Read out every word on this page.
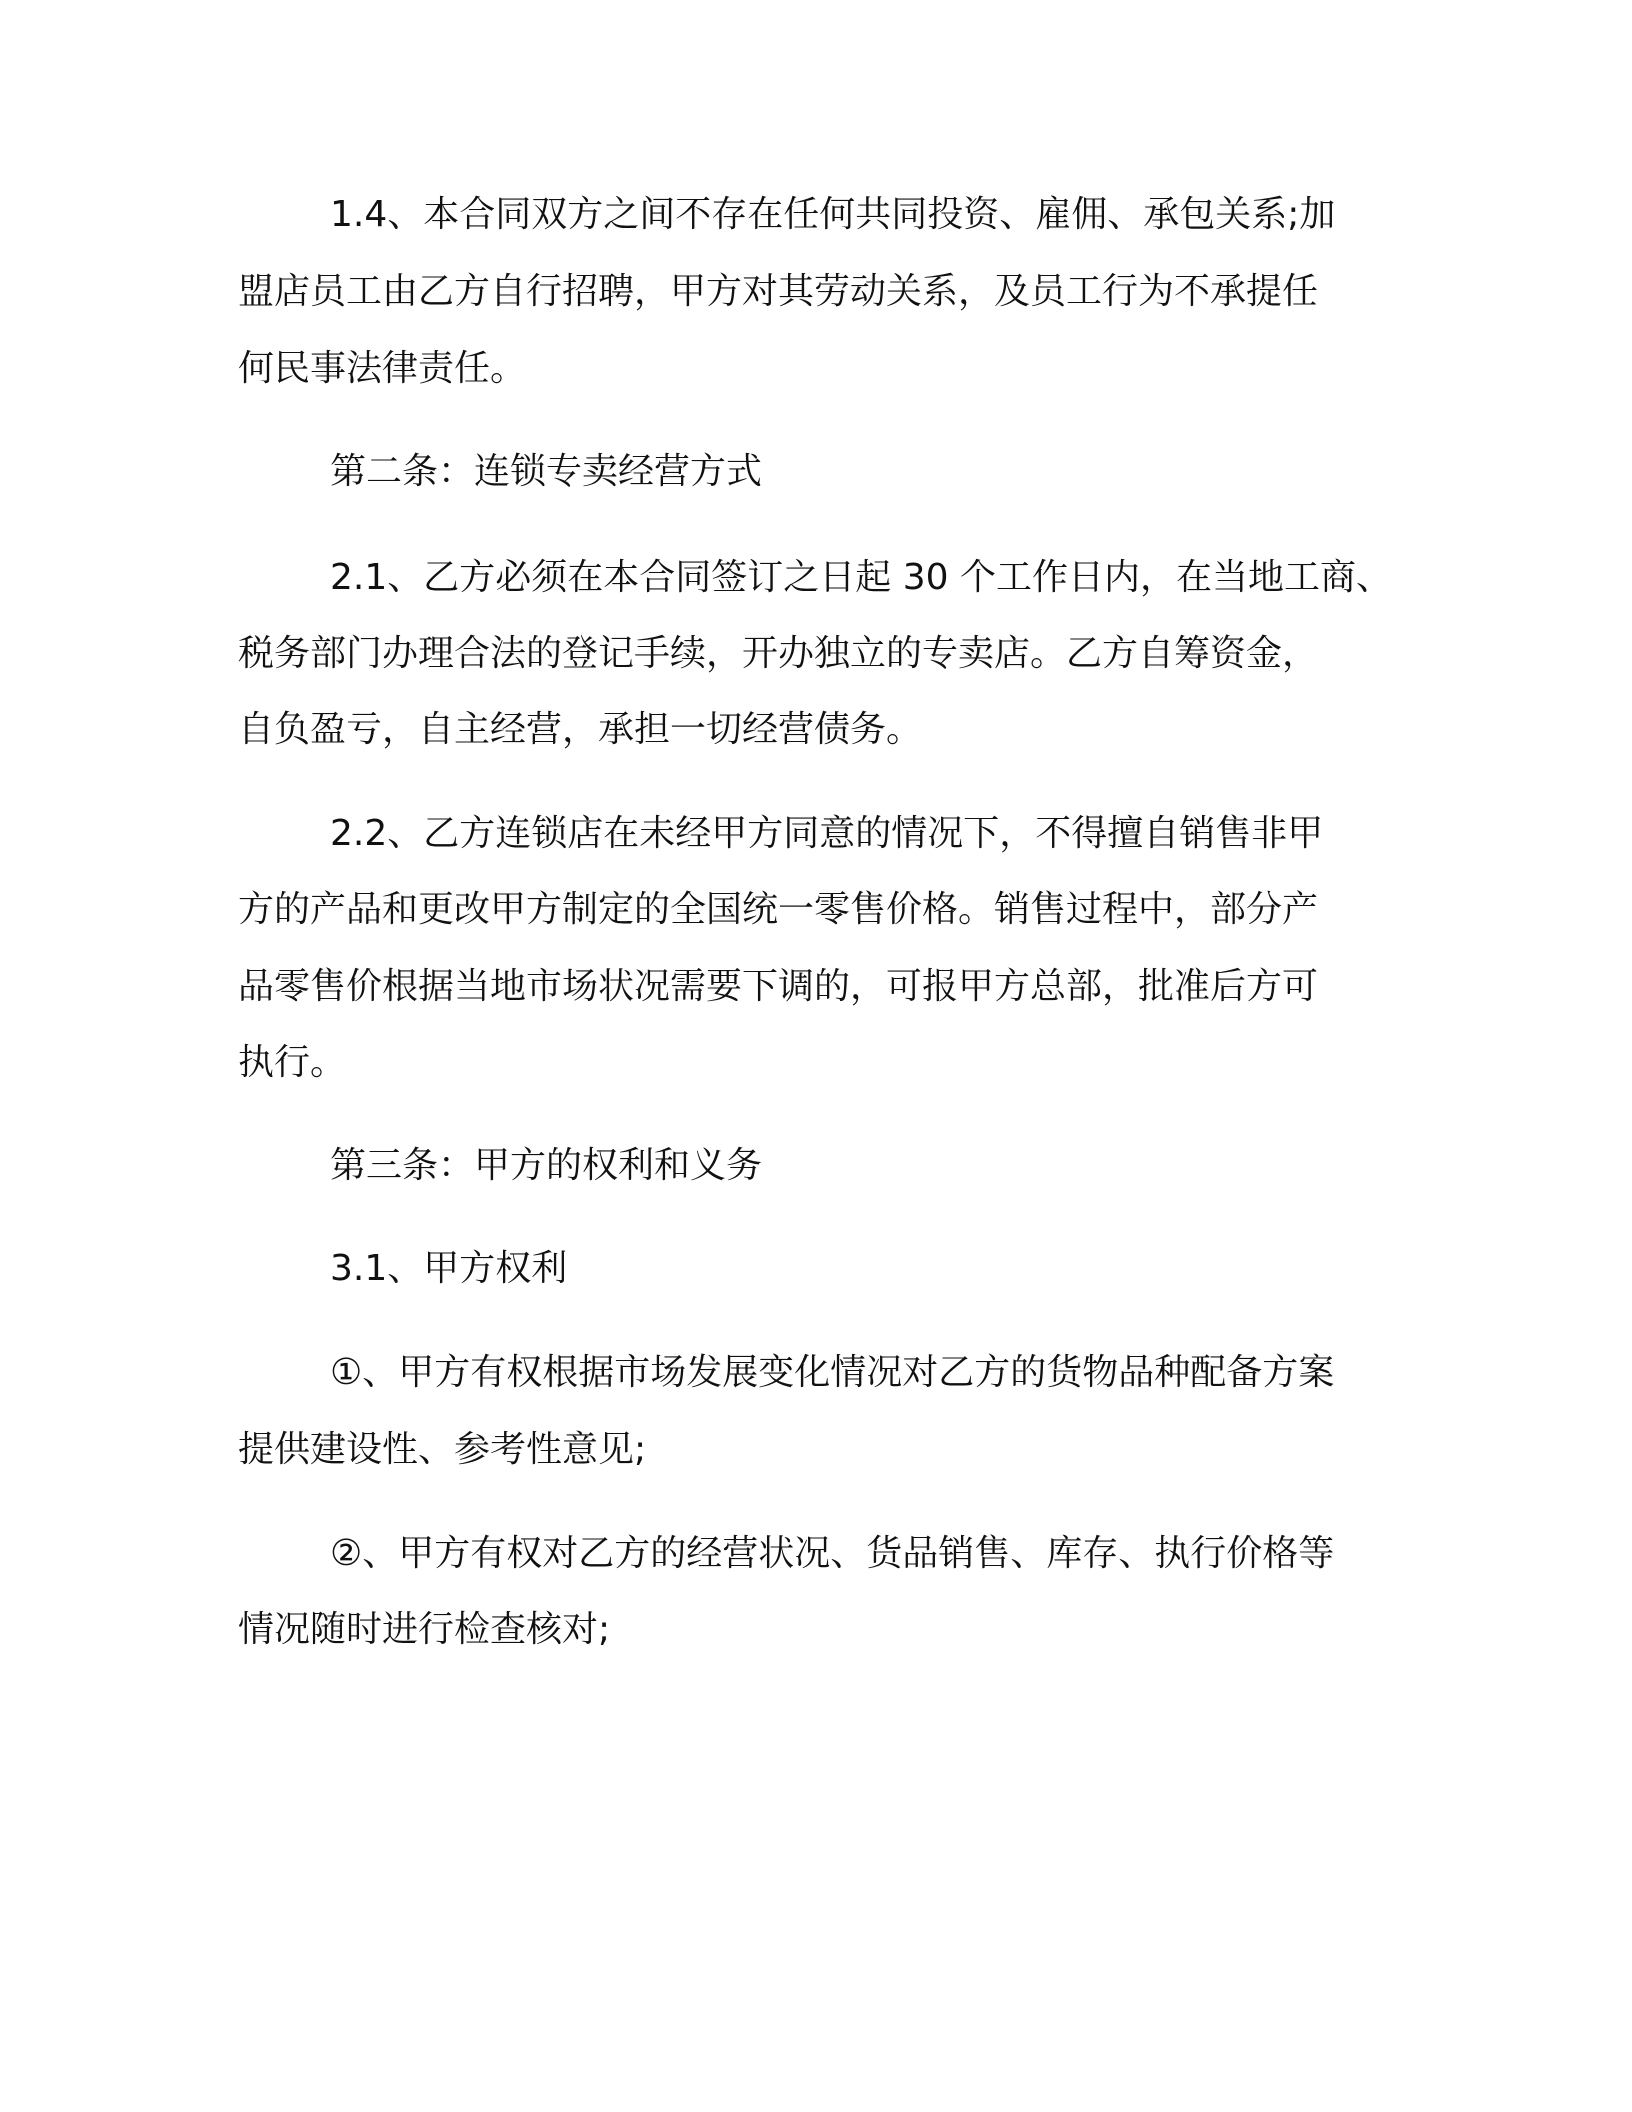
1.4、本合同双方之间不存在任何共同投资、雇佣、承包关系;加
盟店员工由乙方自行招聘，甲方对其劳动关系，及员工行为不承提任
何民事法律责任。
第二条：连锁专卖经营方式
2.1、乙方必须在本合同签订之日起 30 个工作日内，在当地工商、
税务部门办理合法的登记手续，开办独立的专卖店。乙方自筹资金，
自负盈亏，自主经营，承担一切经营债务。
2.2、乙方连锁店在未经甲方同意的情况下，不得擅自销售非甲
方的产品和更改甲方制定的全国统一零售价格。销售过程中，部分产
品零售价根据当地市场状况需要下调的，可报甲方总部，批准后方可
执行。
第三条：甲方的权利和义务
3.1、甲方权利
①、甲方有权根据市场发展变化情况对乙方的货物品种配备方案
提供建设性、参考性意见;
②、甲方有权对乙方的经营状况、货品销售、库存、执行价格等
情况随时进行检查核对;
